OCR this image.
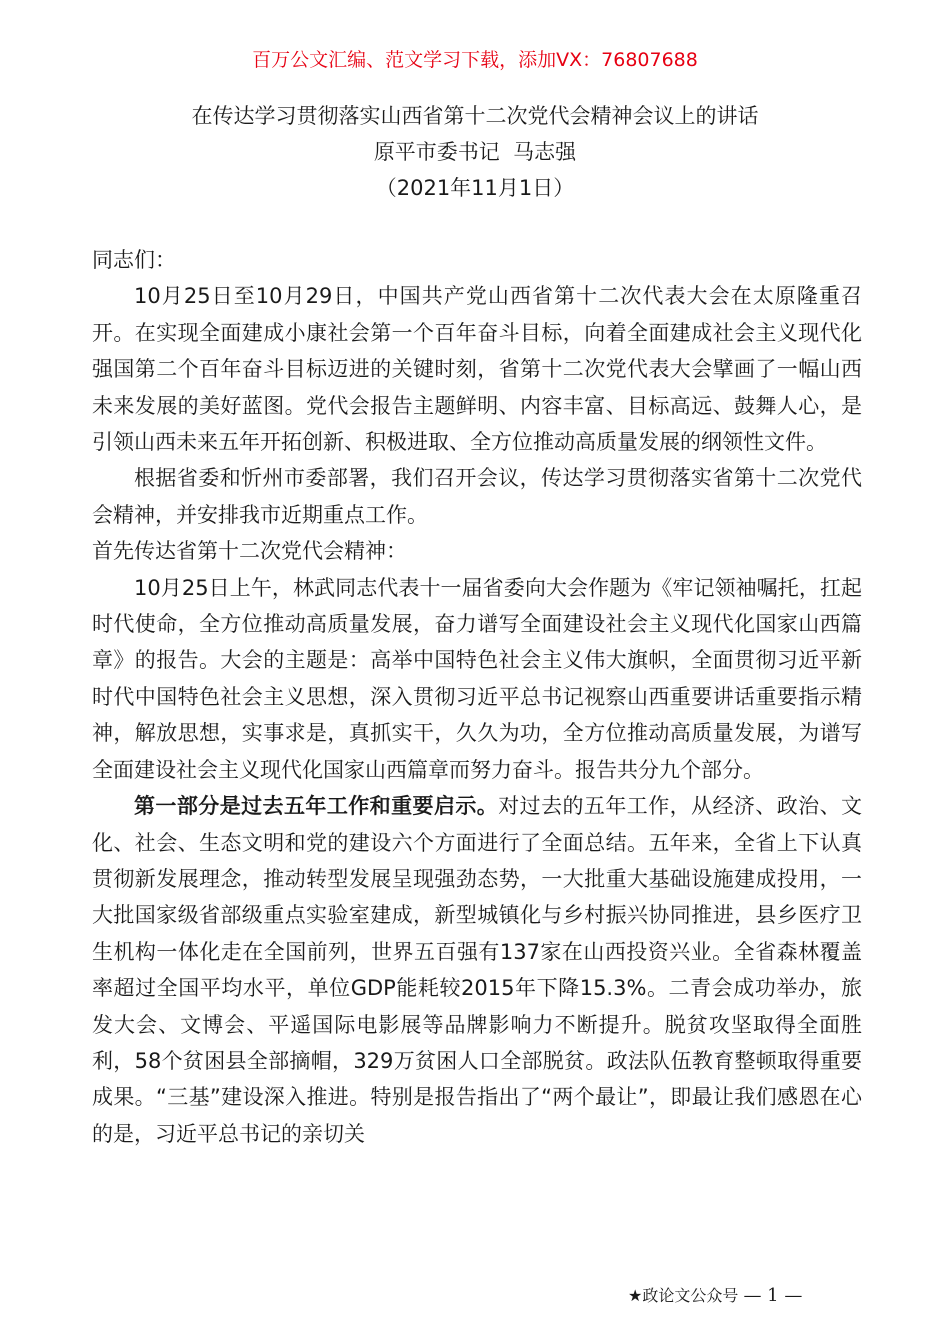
百万公文汇编、范文学习下载，添加VX：76807688
在传达学习贯彻落实山西省第十二次党代会精神会议上的讲话
原平市委书记  马志强
（2021年11月1日）

同志们：

10月25日至10月29日，中国共产党山西省第十二次代表大会在太原隆重召开。在实现全面建成小康社会第一个百年奋斗目标，向着全面建成社会主义现代化强国第二个百年奋斗目标迈进的关键时刻，省第十二次党代表大会擘画了一幅山西未来发展的美好蓝图。党代会报告主题鲜明、内容丰富、目标高远、鼓舞人心，是引领山西未来五年开拓创新、积极进取、全方位推动高质量发展的纲领性文件。

根据省委和忻州市委部署，我们召开会议，传达学习贯彻落实省第十二次党代会精神，并安排我市近期重点工作。

首先传达省第十二次党代会精神：

10月25日上午，林武同志代表十一届省委向大会作题为《牢记领袖嘱托，扛起时代使命，全方位推动高质量发展，奋力谱写全面建设社会主义现代化国家山西篇章》的报告。大会的主题是：高举中国特色社会主义伟大旗帜，全面贯彻习近平新时代中国特色社会主义思想，深入贯彻习近平总书记视察山西重要讲话重要指示精神，解放思想，实事求是，真抓实干，久久为功，全方位推动高质量发展，为谱写全面建设社会主义现代化国家山西篇章而努力奋斗。报告共分九个部分。

第一部分是过去五年工作和重要启示。对过去的五年工作，从经济、政治、文化、社会、生态文明和党的建设六个方面进行了全面总结。五年来，全省上下认真贯彻新发展理念，推动转型发展呈现强劲态势，一大批重大基础设施建成投用，一大批国家级省部级重点实验室建成，新型城镇化与乡村振兴协同推进，县乡医疗卫生机构一体化走在全国前列，世界五百强有137家在山西投资兴业。全省森林覆盖率超过全国平均水平，单位GDP能耗较2015年下降15.3%。二青会成功举办，旅发大会、文博会、平遥国际电影展等品牌影响力不断提升。脱贫攻坚取得全面胜利，58个贫困县全部摘帽，329万贫困人口全部脱贫。政法队伍教育整顿取得重要成果。“三基”建设深入推进。特别是报告指出了“两个最让”，即最让我们感恩在心的是，习近平总书记的亲切关

★政论文公众号 — 1 —
